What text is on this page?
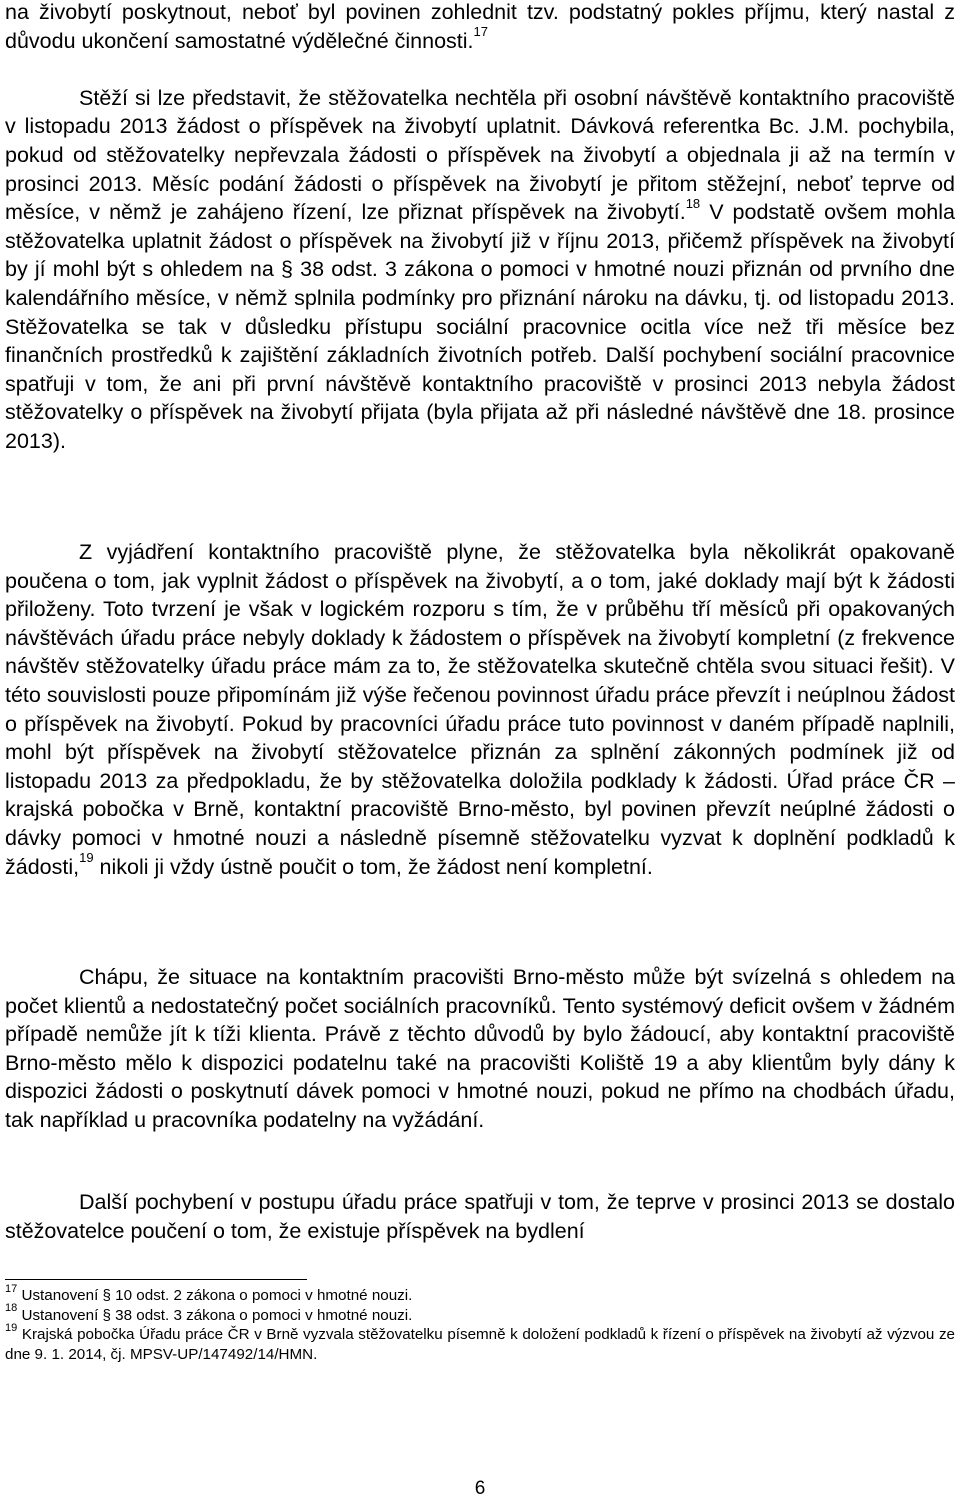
na živobytí poskytnout, neboť byl povinen zohlednit tzv. podstatný pokles příjmu, který nastal z důvodu ukončení samostatné výdělečné činnosti.$^{17}$

Stěží si lze představit, že stěžovatelka nechtěla při osobní návštěvě kontaktního pracoviště v listopadu 2013 žádost o příspěvek na živobytí uplatnit. Dávková referentka Bc. J.M. pochybila, pokud od stěžovatelky nepřevzala žádosti o příspěvek na živobytí a objednala ji až na termín v prosinci 2013. Měsíc podání žádosti o příspěvek na živobytí je přitom stěžejní, neboť teprve od měsíce, v němž je zahájeno řízení, lze přiznat příspěvek na živobytí.$^{18}$ V podstatě ovšem mohla stěžovatelka uplatnit žádost o příspěvek na živobytí již v říjnu 2013, přičemž příspěvek na živobytí by jí mohl být s ohledem na § 38 odst. 3 zákona o pomoci v hmotné nouzi přiznán od prvního dne kalendářního měsíce, v němž splnila podmínky pro přiznání nároku na dávku, tj. od listopadu 2013. Stěžovatelka se tak v důsledku přístupu sociální pracovnice ocitla více než tři měsíce bez finančních prostředků k zajištění základních životních potřeb. Další pochybení sociální pracovnice spatřuji v tom, že ani při první návštěvě kontaktního pracoviště v prosinci 2013 nebyla žádost stěžovatelky o příspěvek na živobytí přijata (byla přijata až při následné návštěvě dne 18. prosince 2013).

Z vyjádření kontaktního pracoviště plyne, že stěžovatelka byla několikrát opakovaně poučena o tom, jak vyplnit žádost o příspěvek na živobytí, a o tom, jaké doklady mají být k žádosti přiloženy. Toto tvrzení je však v logickém rozporu s tím, že v průběhu tří měsíců při opakovaných návštěvách úřadu práce nebyly doklady k žádostem o příspěvek na živobytí kompletní (z frekvence návštěv stěžovatelky úřadu práce mám za to, že stěžovatelka skutečně chtěla svou situaci řešit). V této souvislosti pouze připomínám již výše řečenou povinnost úřadu práce převzít i neúplnou žádost o příspěvek na živobytí. Pokud by pracovníci úřadu práce tuto povinnost v daném případě naplnili, mohl být příspěvek na živobytí stěžovatelce přiznán za splnění zákonných podmínek již od listopadu 2013 za předpokladu, že by stěžovatelka doložila podklady k žádosti. Úřad práce ČR – krajská pobočka v Brně, kontaktní pracoviště Brno-město, byl povinen převzít neúplné žádosti o dávky pomoci v hmotné nouzi a následně písemně stěžovatelku vyzvat k doplnění podkladů k žádosti,$^{19}$ nikoli ji vždy ústně poučit o tom, že žádost není kompletní.

Chápu, že situace na kontaktním pracovišti Brno-město může být svízelná s ohledem na počet klientů a nedostatečný počet sociálních pracovníků. Tento systémový deficit ovšem v žádném případě nemůže jít k tíži klienta. Právě z těchto důvodů by bylo žádoucí, aby kontaktní pracoviště Brno-město mělo k dispozici podatelnu také na pracovišti Koliště 19 a aby klientům byly dány k dispozici žádosti o poskytnutí dávek pomoci v hmotné nouzi, pokud ne přímo na chodbách úřadu, tak například u pracovníka podatelny na vyžádání.

Další pochybení v postupu úřadu práce spatřuji v tom, že teprve v prosinci 2013 se dostalo stěžovatelce poučení o tom, že existuje příspěvek na bydlení

$^{17}$ Ustanovení § 10 odst. 2 zákona o pomoci v hmotné nouzi.

$^{18}$ Ustanovení § 38 odst. 3 zákona o pomoci v hmotné nouzi.

$^{19}$ Krajská pobočka Úřadu práce ČR v Brně vyzvala stěžovatelku písemně k doložení podkladů k řízení o příspěvek na živobytí až výzvou ze dne 9. 1. 2014, čj. MPSV-UP/147492/14/HMN.

6
